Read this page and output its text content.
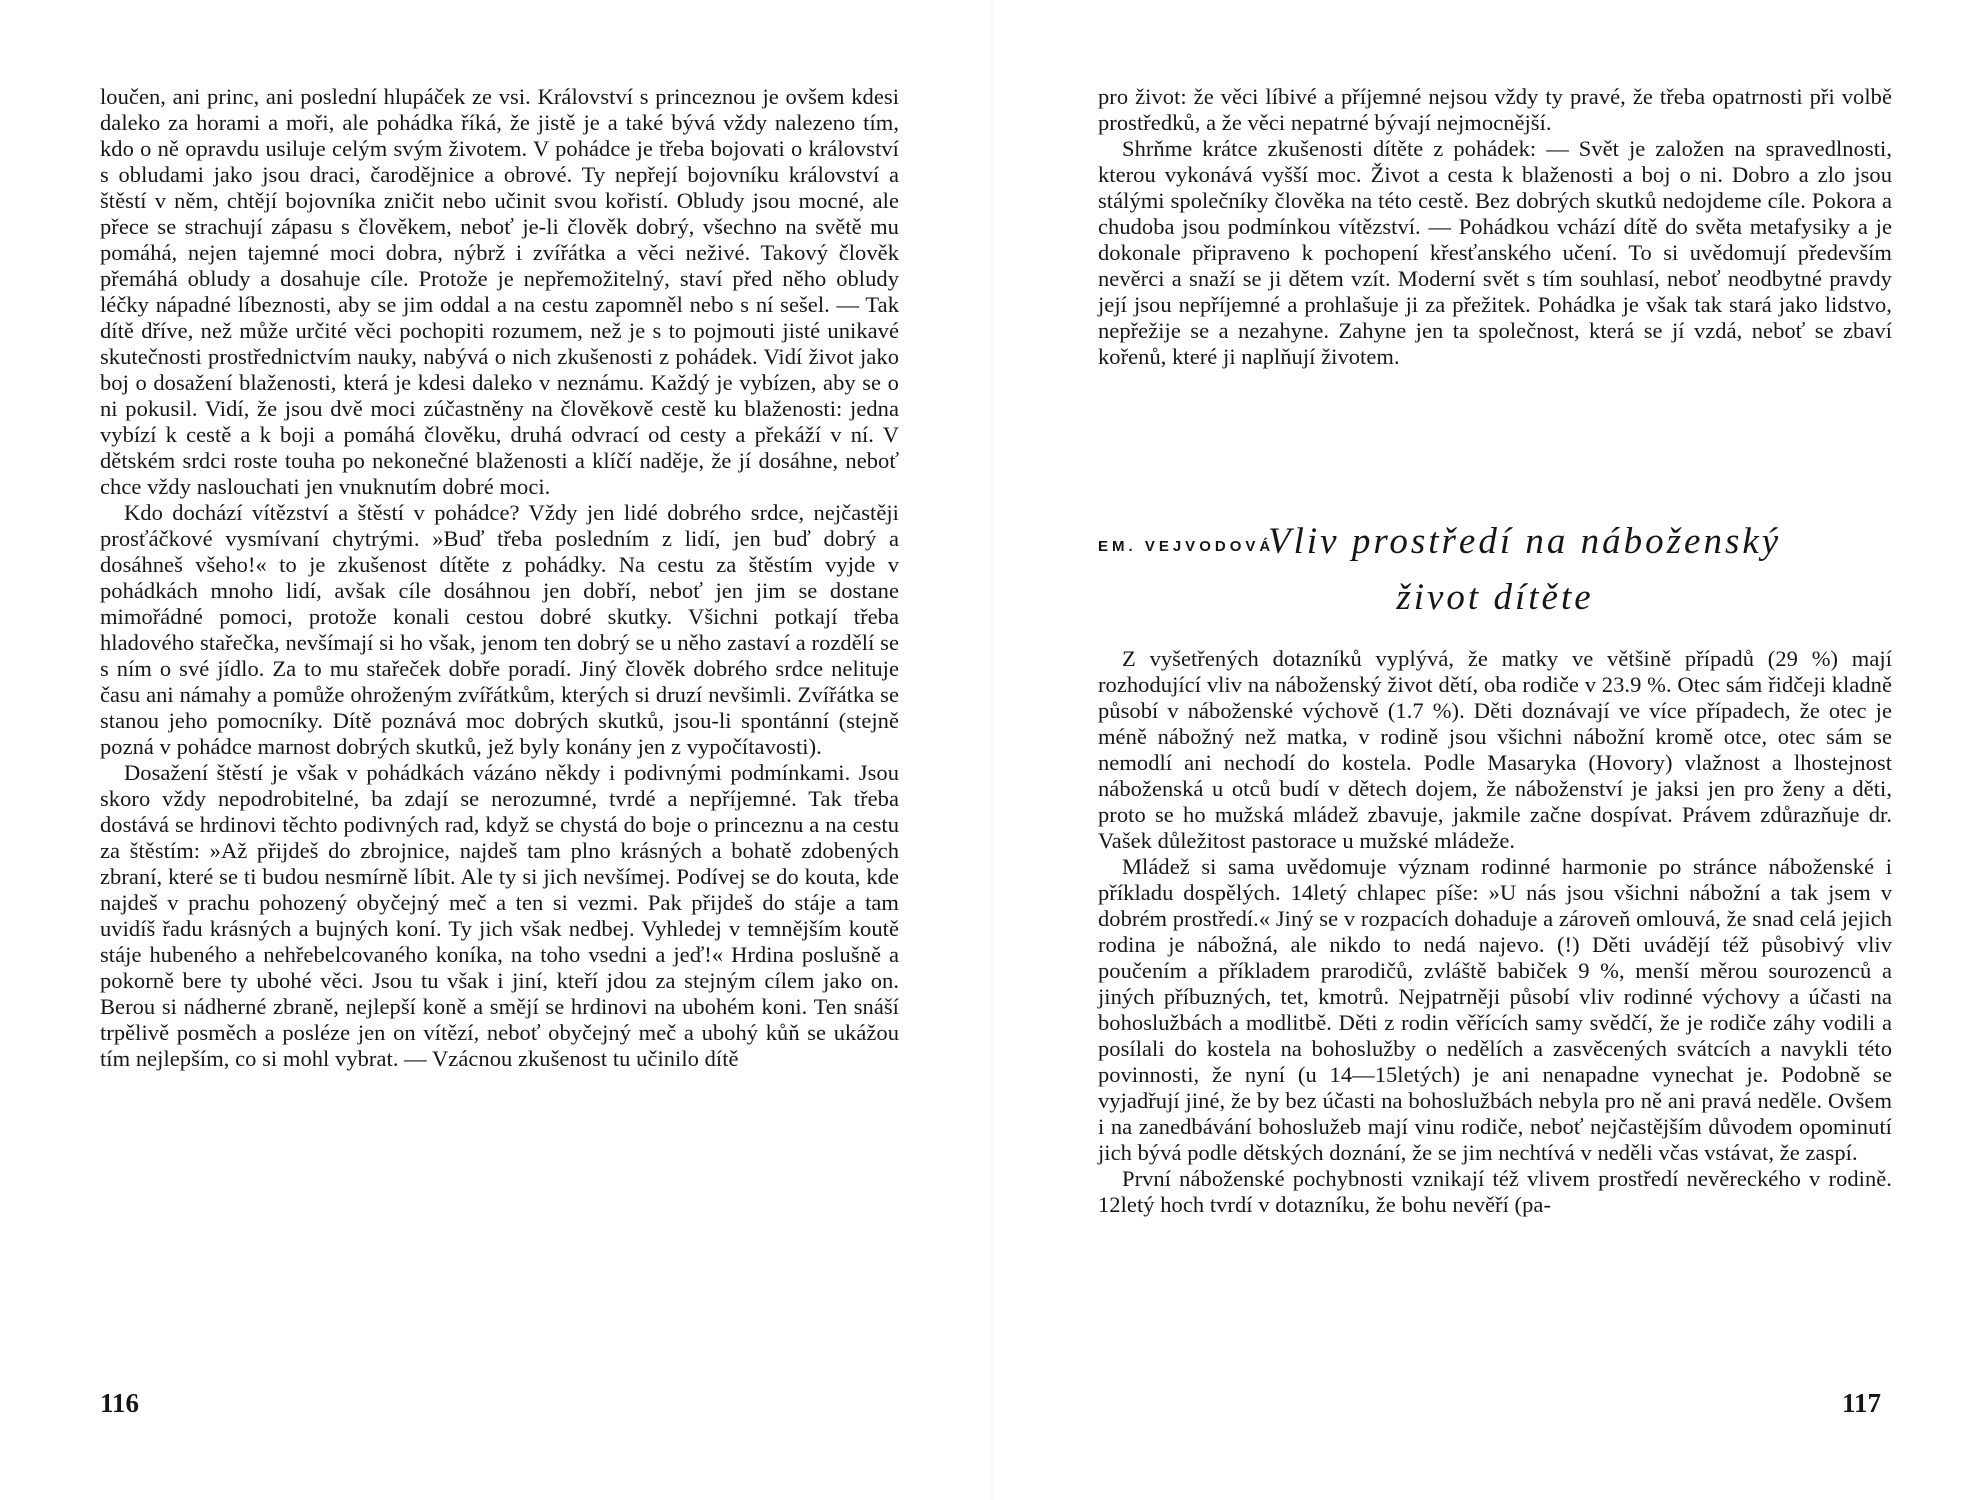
loučen, ani princ, ani poslední hlupáček ze vsi. Království s princeznou je ovšem kdesi daleko za horami a moři, ale pohádka říká, že jistě je a také bývá vždy nalezeno tím, kdo o ně opravdu usiluje celým svým životem. V pohádce je třeba bojovati o království s obludami jako jsou draci, čarodějnice a obrové. Ty nepřejí bojovníku království a štěstí v něm, chtějí bojovníka zničit nebo učinit svou kořistí. Obludy jsou mocné, ale přece se strachují zápasu s člověkem, neboť je-li člověk dobrý, všechno na světě mu pomáhá, nejen tajemné moci dobra, nýbrž i zvířátka a věci neživé. Takový člověk přemáhá obludy a dosahuje cíle. Protože je nepřemožitelný, staví před něho obludy léčky nápadné líbeznosti, aby se jim oddal a na cestu zapomněl nebo s ní sešel. — Tak dítě dříve, než může určité věci pochopiti rozumem, než je s to pojmouti jisté unikavé skutečnosti prostřednictvím nauky, nabývá o nich zkušenosti z pohádek. Vidí život jako boj o dosažení blaženosti, která je kdesi daleko v neznámu. Každý je vybízen, aby se o ni pokusil. Vidí, že jsou dvě moci zúčastněny na člověkově cestě ku blaženosti: jedna vybízí k cestě a k boji a pomáhá člověku, druhá odvrací od cesty a překáží v ní. V dětském srdci roste touha po nekonečné blaženosti a klíčí naděje, že jí dosáhne, neboť chce vždy naslouchati jen vnuknutím dobré moci.

Kdo dochází vítězství a štěstí v pohádce? Vždy jen lidé dobrého srdce, nejčastěji prosťáčkové vysmívaní chytrými. »Buď třeba posledním z lidí, jen buď dobrý a dosáhneš všeho!« to je zkušenost dítěte z pohádky. Na cestu za štěstím vyjde v pohádkách mnoho lidí, avšak cíle dosáhnou jen dobří, neboť jen jim se dostane mimořádné pomoci, protože konali cestou dobré skutky. Všichni potkají třeba hladového stařečka, nevšímají si ho však, jenom ten dobrý se u něho zastaví a rozdělí se s ním o své jídlo. Za to mu stařeček dobře poradí. Jiný člověk dobrého srdce nelituje času ani námahy a pomůže ohroženým zvířátkům, kterých si druzí nevšimli. Zvířátka se stanou jeho pomocníky. Dítě poznává moc dobrých skutků, jsou-li spontánní (stejně pozná v pohádce marnost dobrých skutků, jež byly konány jen z vypočítavosti).

Dosažení štěstí je však v pohádkách vázáno někdy i podivnými podmínkami. Jsou skoro vždy nepodrobitelné, ba zdají se nerozumné, tvrdé a nepříjemné. Tak třeba dostává se hrdinovi těchto podivných rad, když se chystá do boje o princeznu a na cestu za štěstím: »Až přijdeš do zbrojnice, najdeš tam plno krásných a bohatě zdobených zbraní, které se ti budou nesmírně líbit. Ale ty si jich nevšímej. Podívej se do kouta, kde najdeš v prachu pohozený obyčejný meč a ten si vezmi. Pak přijdeš do stáje a tam uvidíš řadu krásných a bujných koní. Ty jich však nedbej. Vyhledej v temnějším koutě stáje hubeného a nehřebelcovaného koníka, na toho vsedni a jeď!« Hrdina poslušně a pokorně bere ty ubohé věci. Jsou tu však i jiní, kteří jdou za stejným cílem jako on. Berou si nádherné zbraně, nejlepší koně a smějí se hrdinovi na ubohém koni. Ten snáší trpělivě posměch a posléze jen on vítězí, neboť obyčejný meč a ubohý kůň se ukážou tím nejlepším, co si mohl vybrat. — Vzácnou zkušenost tu učinilo dítě

116

pro život: že věci líbivé a příjemné nejsou vždy ty pravé, že třeba opatrnosti při volbě prostředků, a že věci nepatrné bývají nejmocnější.

Shrňme krátce zkušenosti dítěte z pohádek: — Svět je založen na spravedlnosti, kterou vykonává vyšší moc. Život a cesta k blaženosti a boj o ni. Dobro a zlo jsou stálými společníky člověka na této cestě. Bez dobrých skutků nedojdeme cíle. Pokora a chudoba jsou podmínkou vítězství. — Pohádkou vchází dítě do světa metafysiky a je dokonale připraveno k pochopení křesťanského učení. To si uvědomují především nevěrci a snaží se ji dětem vzít. Moderní svět s tím souhlasí, neboť neodbytné pravdy její jsou nepříjemné a prohlašuje ji za přežitek. Pohádka je však tak stará jako lidstvo, nepřežije se a nezahyne. Zahyne jen ta společnost, která se jí vzdá, neboť se zbaví kořenů, které ji naplňují životem.

EM. VEJVODOVÁ
Vliv prostředí na náboženský
život dítěte

Z vyšetřených dotazníků vyplývá, že matky ve většině případů (29 %) mají rozhodující vliv na náboženský život dětí, oba rodiče v 23.9 %. Otec sám řidčeji kladně působí v náboženské výchově (1.7 %). Děti doznávají ve více případech, že otec je méně nábožný než matka, v rodině jsou všichni nábožní kromě otce, otec sám se nemodlí ani nechodí do kostela. Podle Masaryka (Hovory) vlažnost a lhostejnost náboženská u otců budí v dětech dojem, že náboženství je jaksi jen pro ženy a děti, proto se ho mužská mládež zbavuje, jakmile začne dospívat. Právem zdůrazňuje dr. Vašek důležitost pastorace u mužské mládeže.

Mládež si sama uvědomuje význam rodinné harmonie po stránce náboženské i příkladu dospělých. 14letý chlapec píše: »U nás jsou všichni nábožní a tak jsem v dobrém prostředí.« Jiný se v rozpacích dohaduje a zároveň omlouvá, že snad celá jejich rodina je nábožná, ale nikdo to nedá najevo. (!) Děti uvádějí též působivý vliv poučením a příkladem prarodičů, zvláště babiček 9 %, menší měrou sourozenců a jiných příbuzných, tet, kmotrů. Nejpatrněji působí vliv rodinné výchovy a účasti na bohoslužbách a modlitbě. Děti z rodin věřících samy svědčí, že je rodiče záhy vodili a posílali do kostela na bohoslužby o nedělích a zasvěcených svátcích a navykli této povinnosti, že nyní (u 14—15letých) je ani nenapadne vynechat je. Podobně se vyjadřují jiné, že by bez účasti na bohoslužbách nebyla pro ně ani pravá neděle. Ovšem i na zanedbávání bohoslužeb mají vinu rodiče, neboť nejčastějším důvodem opominutí jich bývá podle dětských doznání, že se jim nechtívá v neděli včas vstávat, že zaspí.

První náboženské pochybnosti vznikají též vlivem prostředí nevěreckého v rodině. 12letý hoch tvrdí v dotazníku, že bohu nevěří (pa-

117
